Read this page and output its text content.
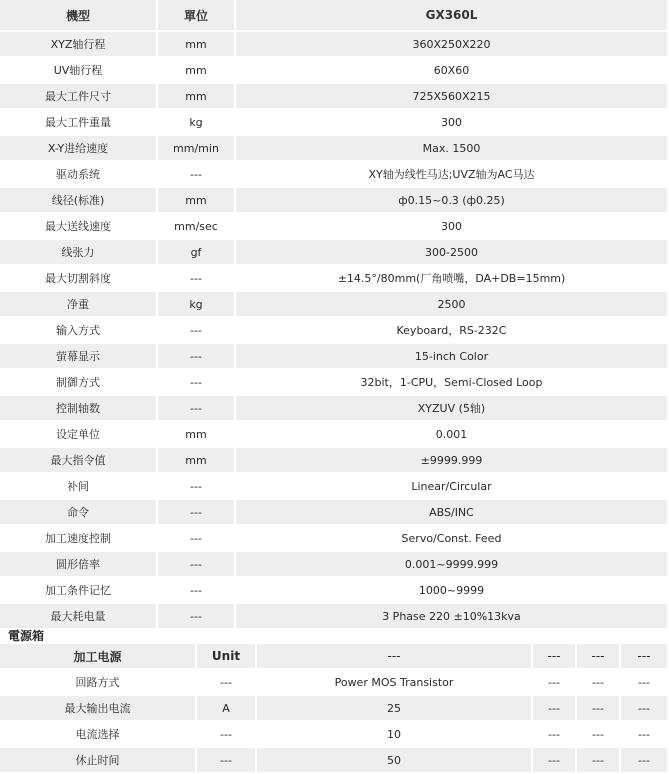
機型	單位	GX360L
XYZ轴行程	mm	360X250X220
UV轴行程	mm	60X60
最大工件尺寸	mm	725X560X215
最大工件重量	kg	300
X-Y进给速度	mm/min	Max. 1500
驱动系统	---	XY轴为线性马达;UVZ轴为AC马达
线径(标准)	mm	ф0.15~0.3 (ф0.25)
最大送线速度	mm/sec	300
线张力	gf	300-2500
最大切割斜度	---	±14.5°/80mm(厂角喷嘴，DA+DB=15mm)
净重	kg	2500
输入方式	---	Keyboard，RS-232C
萤幕显示	---	15-inch Color
制御方式	---	32bit，1-CPU，Semi-Closed Loop
控制轴数	---	XYZUV (5轴)
设定单位	mm	0.001
最大指令值	mm	±9999.999
补间	---	Linear/Circular
命令	---	ABS/INC
加工速度控制	---	Servo/Const. Feed
圆形倍率	---	0.001~9999.999
加工条件记忆	---	1000~9999
最大耗电量	---	3 Phase 220 ±10%13kva
電源箱
加工电源	Unit	---	---	---	---
回路方式	---	Power MOS Transistor	---	---	---
最大输出电流	A	25	---	---	---
电流选择	---	10	---	---	---
休止时间	---	50	---	---	---
